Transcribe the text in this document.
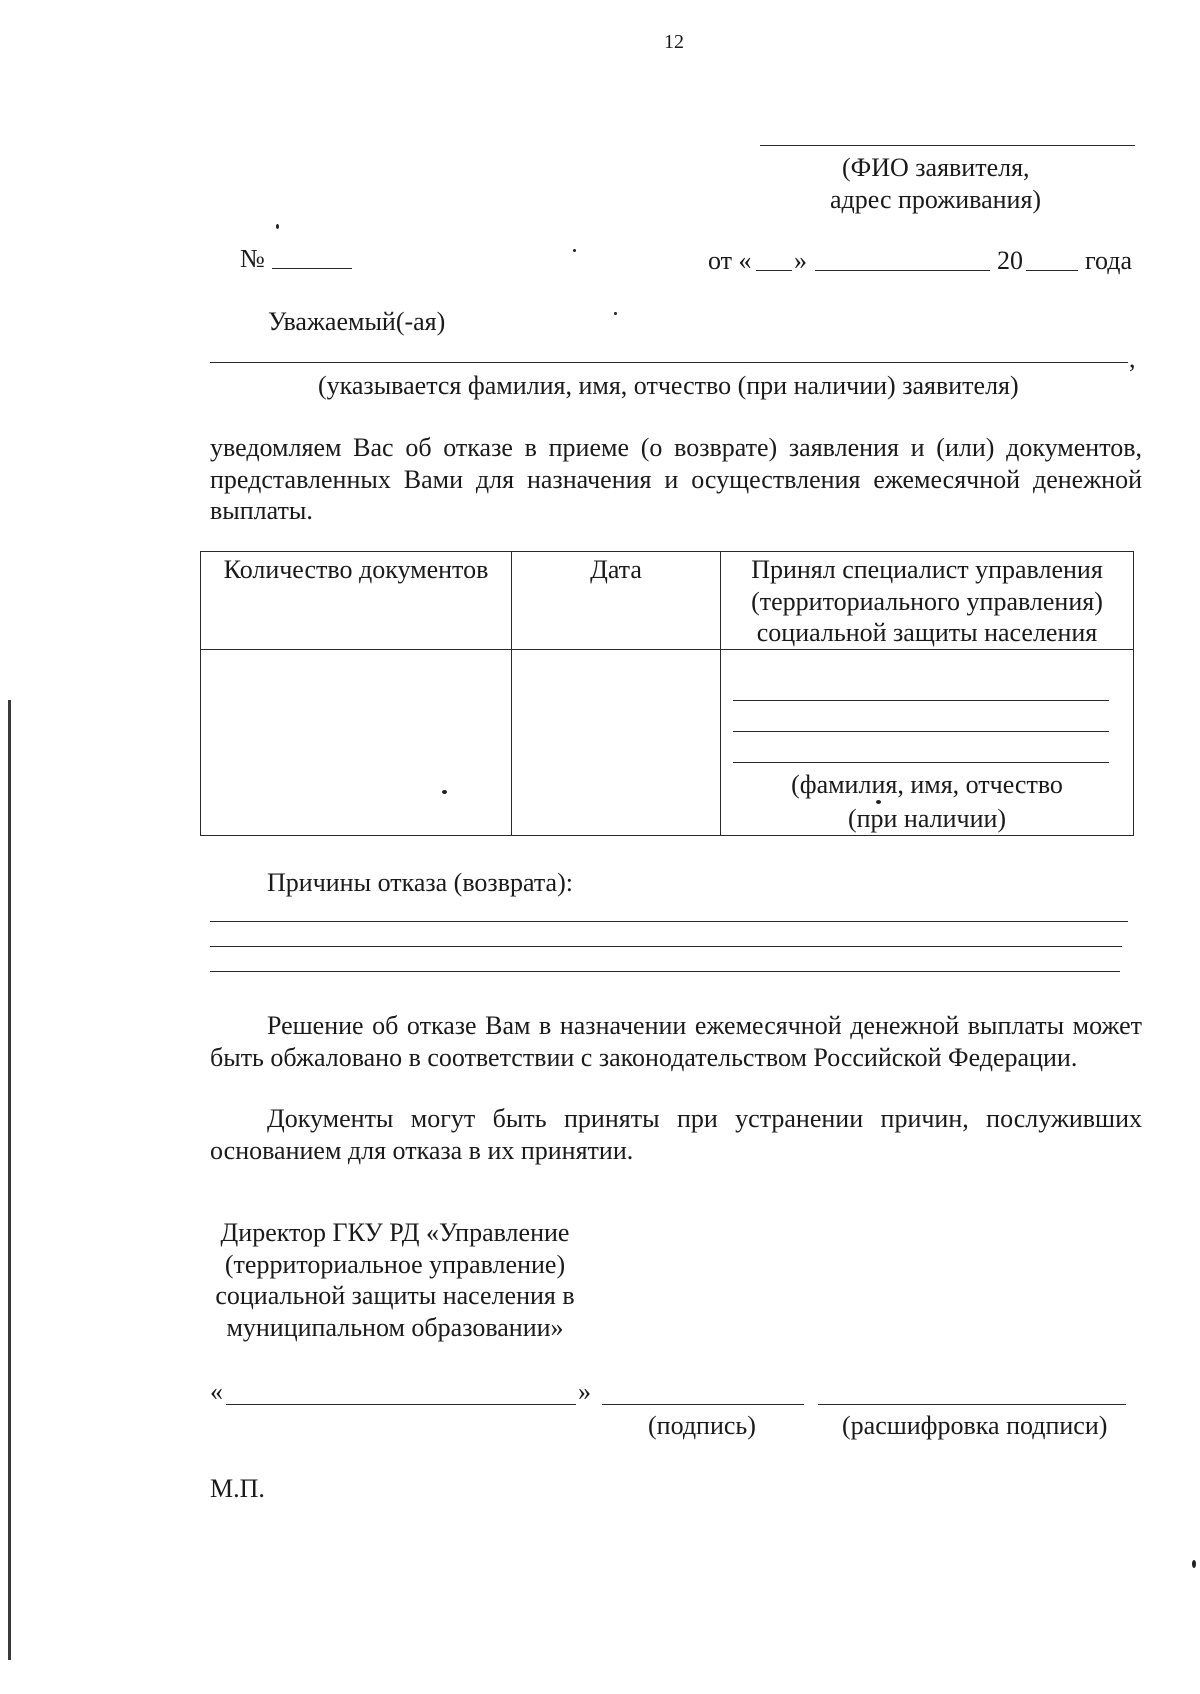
12
(ФИО заявителя,
адрес проживания)
№	от « »	20 года
Уважаемый(-ая)
,
(указывается фамилия, имя, отчество (при наличии) заявителя)
уведомляем Вас об отказе в приеме (о возврате) заявления и (или) документов, представленных Вами для назначения и осуществления ежемесячной денежной выплаты.
Количество документов	Дата	Принял специалист управления (территориального управления) социальной защиты населения

		(фамилия, имя, отчество
(при наличии)
Причины отказа (возврата):
Решение об отказе Вам в назначении ежемесячной денежной выплаты может быть обжаловано в соответствии с законодательством Российской Федерации.
Документы могут быть приняты при устранении причин, послуживших основанием для отказа в их принятии.
Директор ГКУ РД «Управление
(территориальное управление)
социальной защиты населения в
муниципальном образовании»
«	»
(подпись)	(расшифровка подписи)
М.П.
